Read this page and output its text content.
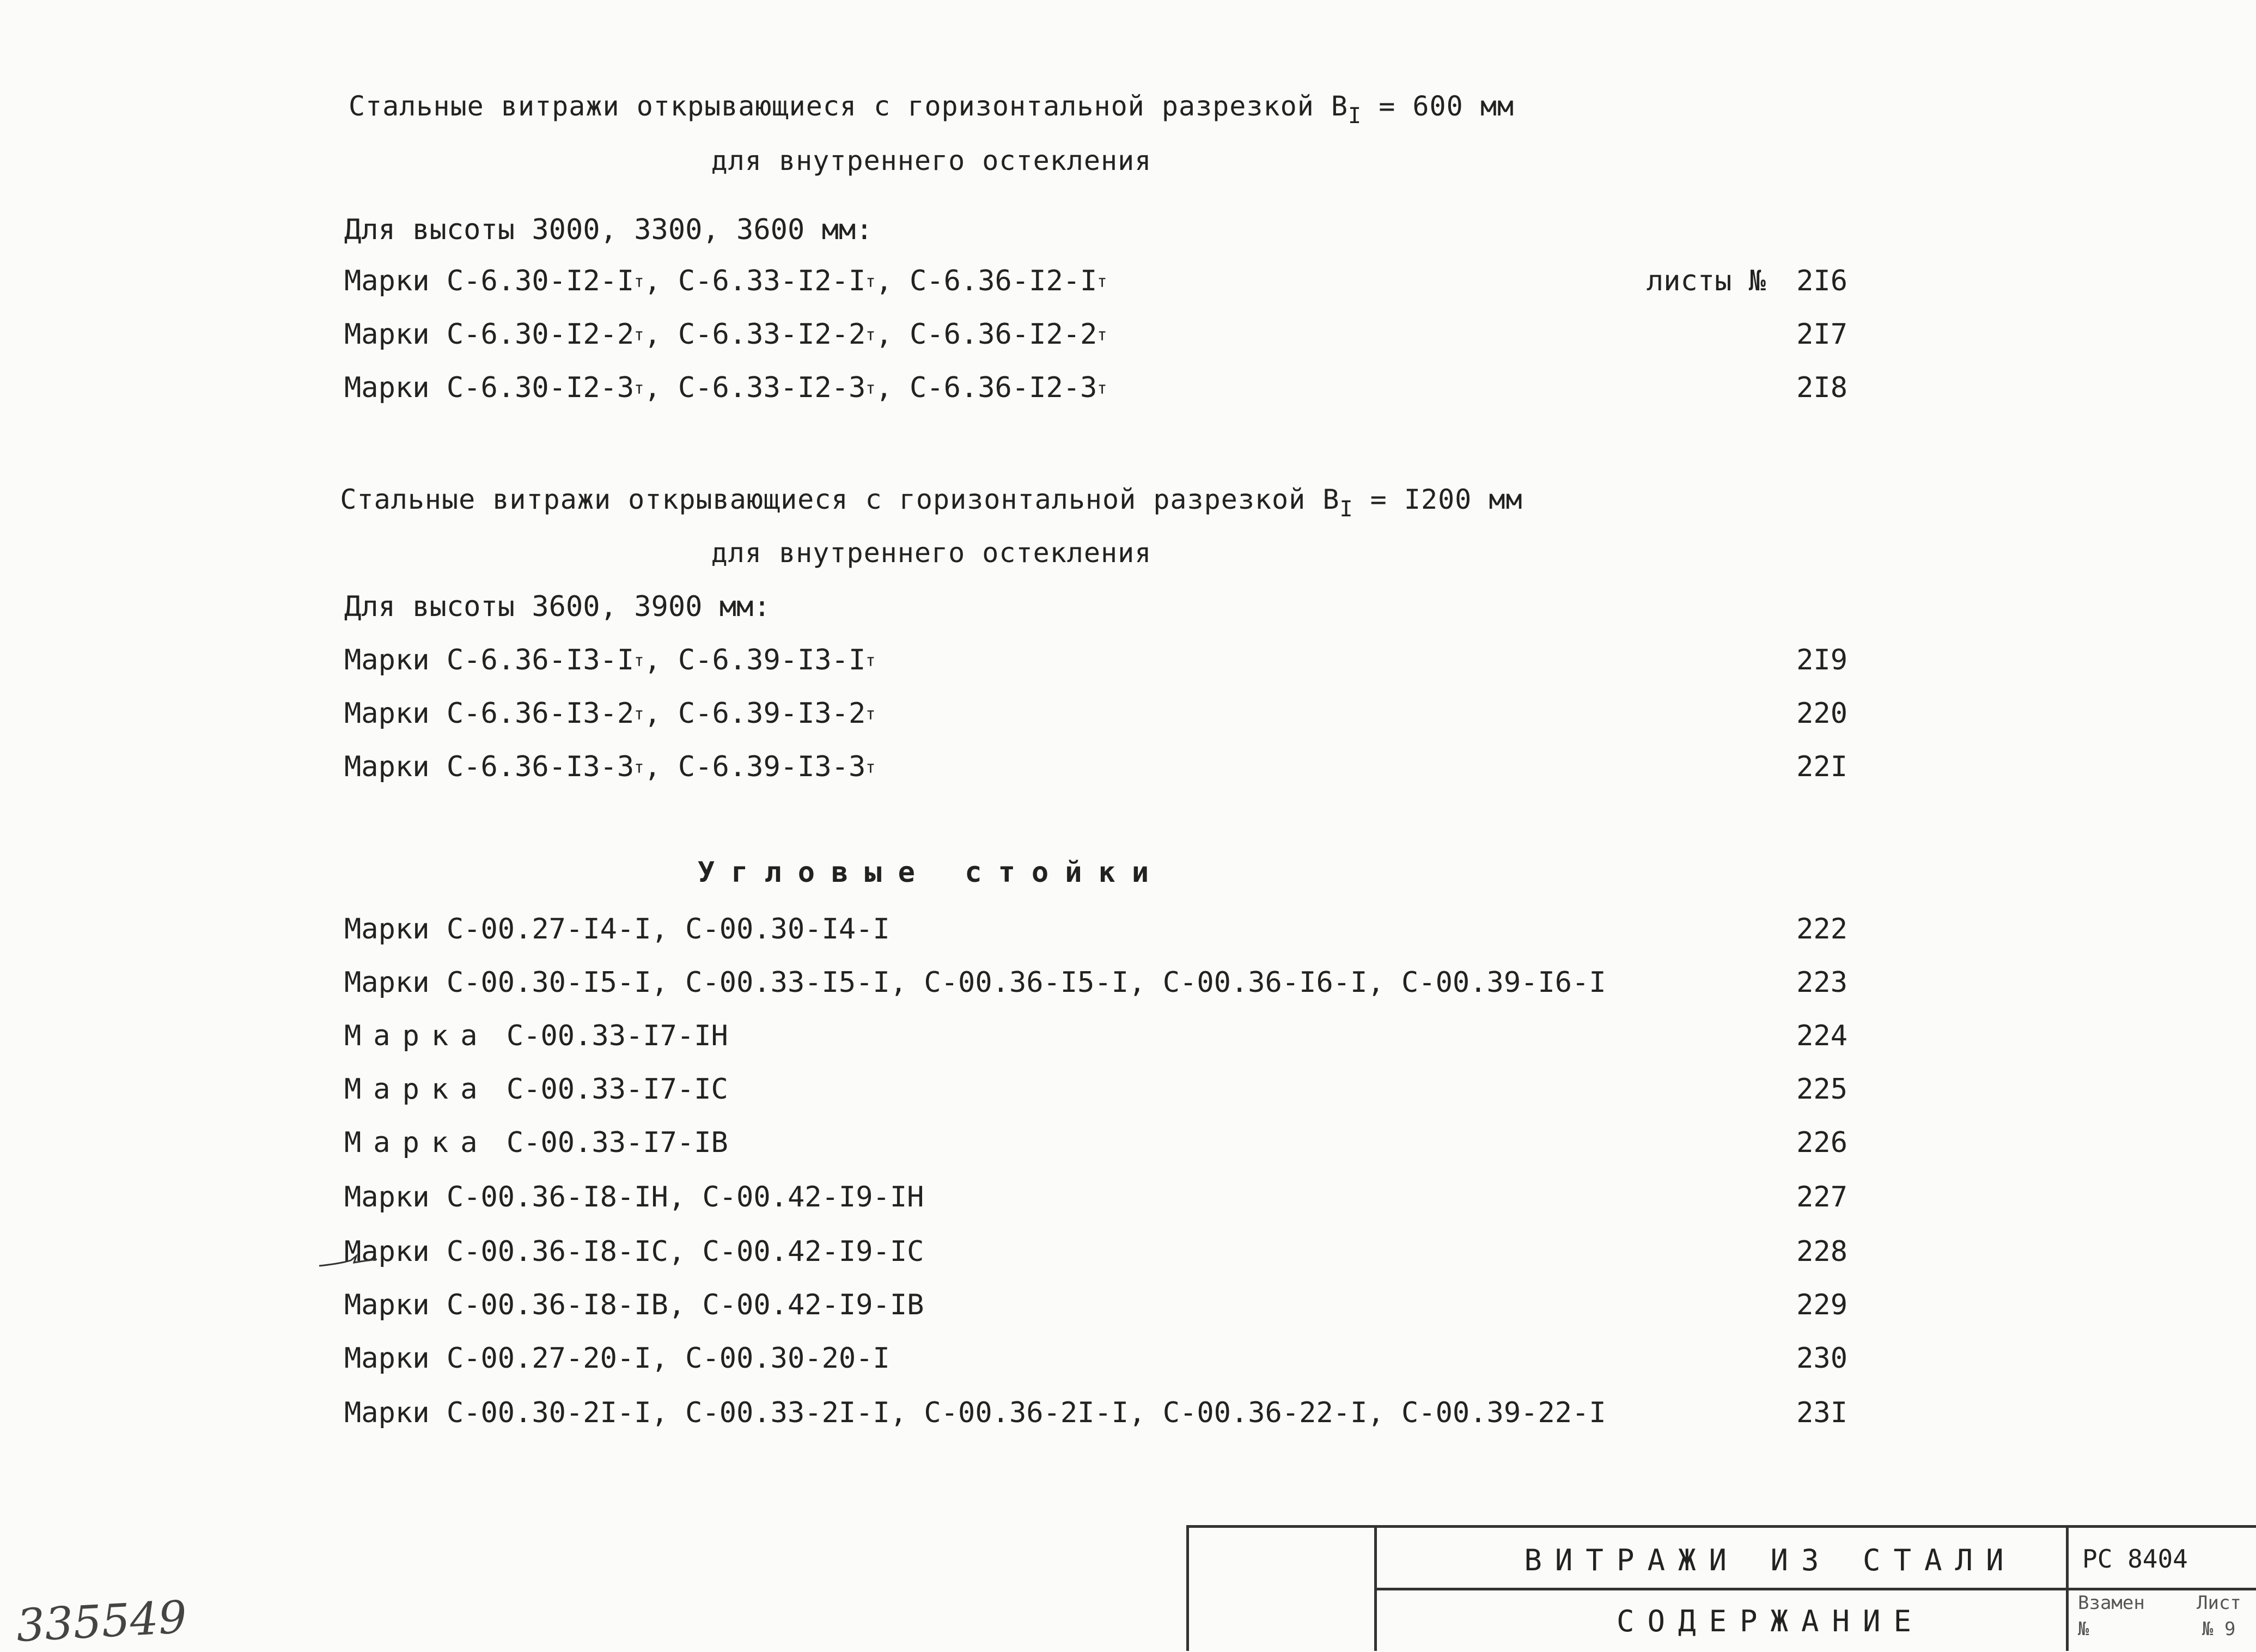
Стальные витражи открывающиеся с горизонтальной разрезкой $В_I = 600$ мм
для внутреннего остекления
Для высоты 3000, 3300, 3600 мм:
Марки $С-6.30-I2-I^т$, $С-6.33-I2-I^т$, $С-6.36-I2-I^т$	листы № 2I6
Марки $С-6.30-I2-2^т$, $С-6.33-I2-2^т$, $С-6.36-I2-2^т$	2I7
Марки $С-6.30-I2-3^т$, $С-6.33-I2-3^т$, $С-6.36-I2-3^т$	2I8
Стальные витражи открывающиеся с горизонтальной разрезкой $В_I = I200$ мм
для внутреннего остекления
Для высоты 3600, 3900 мм:
Марки $С-6.36-I3-I^т$, $С-6.39-I3-I^т$	2I9
Марки $С-6.36-I3-2^т$, $С-6.39-I3-2^т$	220
Марки $С-6.36-I3-3^т$, $С-6.39-I3-3^т$	22I
Угловые стойки
Марки С-00.27-I4-I, С-00.30-I4-I	222
Марки С-00.30-I5-I, С-00.33-I5-I, С-00.36-I5-I, С-00.36-I6-I, С-00.39-I6-I	223
Марка С-00.33-I7-IН	224
Марка С-00.33-I7-IС	225
Марка С-00.33-I7-IВ	226
Марки С-00.36-I8-IН, С-00.42-I9-IН	227
Марки С-00.36-I8-IС, С-00.42-I9-IС	228
Марки С-00.36-I8-IВ, С-00.42-I9-IВ	229
Марки С-00.27-20-I, С-00.30-20-I	230
Марки С-00.30-2I-I, С-00.33-2I-I, С-00.36-2I-I, С-00.36-22-I, С-00.39-22-I	23I
ВИТРАЖИ ИЗ СТАЛИ
СОДЕРЖАНИЕ
РС 8404
Взамен
№
Лист
№ 9
335549
